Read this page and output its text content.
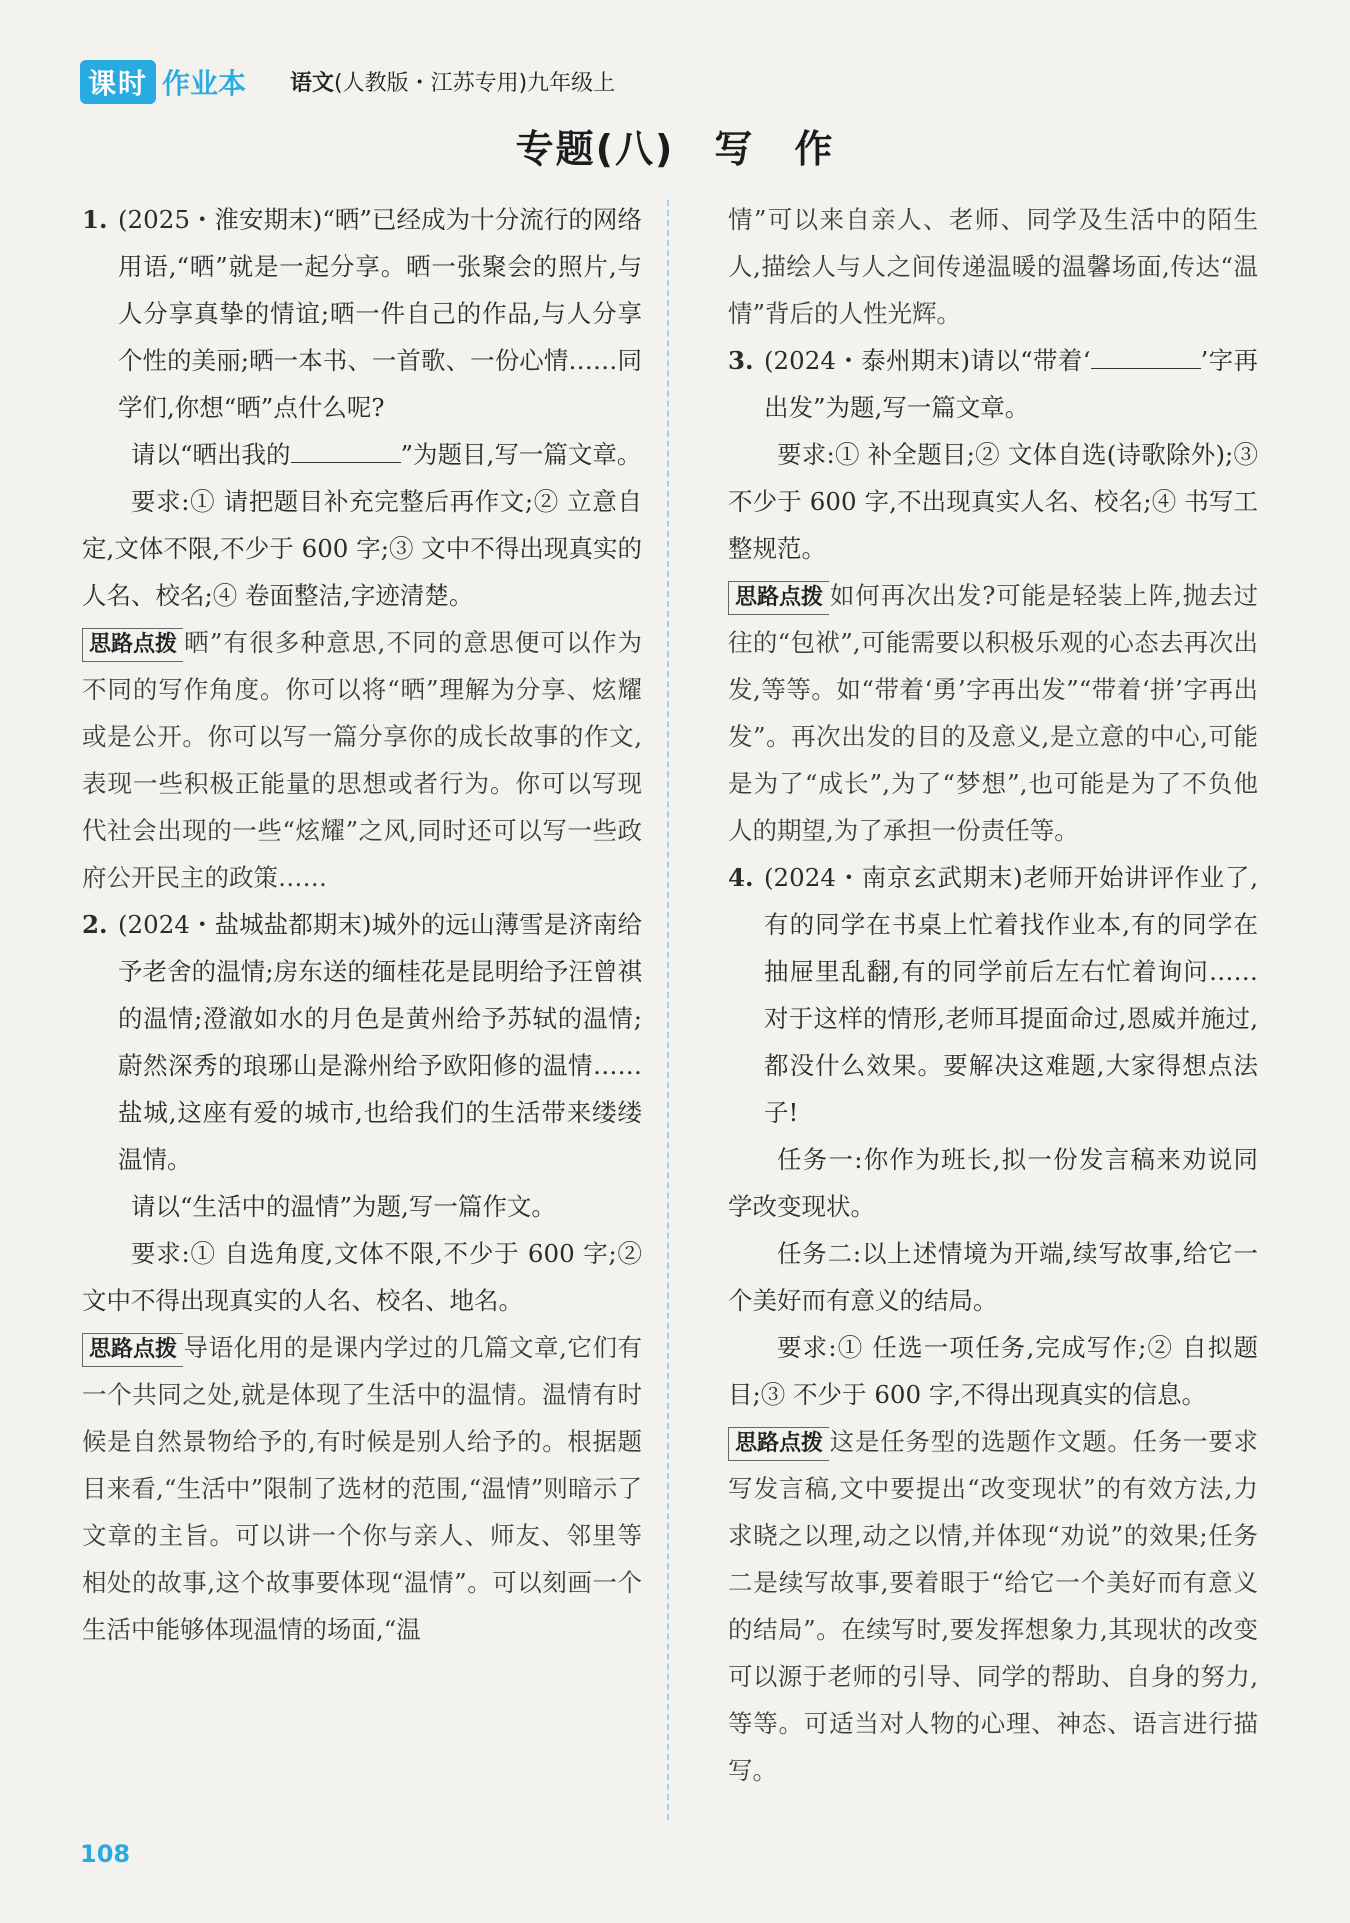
课时 作业本 语文(人教版・江苏专用)九年级上
专题(八)　写　作

1. (2025・淮安期末)“晒”已经成为十分流行的网络用语,“晒”就是一起分享。晒一张聚会的照片,与人分享真挚的情谊;晒一件自己的作品,与人分享个性的美丽;晒一本书、一首歌、一份心情……同学们,你想“晒”点什么呢?

请以“晒出我的	”为题目,写一篇文章。

要求:① 请把题目补充完整后再作文;② 立意自定,文体不限,不少于 600 字;③ 文中不得出现真实的人名、校名;④ 卷面整洁,字迹清楚。

思路点拨 晒”有很多种意思,不同的意思便可以作为不同的写作角度。你可以将“晒”理解为分享、炫耀或是公开。你可以写一篇分享你的成长故事的作文,表现一些积极正能量的思想或者行为。你可以写现代社会出现的一些“炫耀”之风,同时还可以写一些政府公开民主的政策……

2. (2024・盐城盐都期末)城外的远山薄雪是济南给予老舍的温情;房东送的缅桂花是昆明给予汪曾祺的温情;澄澈如水的月色是黄州给予苏轼的温情;蔚然深秀的琅琊山是滁州给予欧阳修的温情……盐城,这座有爱的城市,也给我们的生活带来缕缕温情。

请以“生活中的温情”为题,写一篇作文。

要求:① 自选角度,文体不限,不少于 600 字;② 文中不得出现真实的人名、校名、地名。

思路点拨 导语化用的是课内学过的几篇文章,它们有一个共同之处,就是体现了生活中的温情。温情有时候是自然景物给予的,有时候是别人给予的。根据题目来看,“生活中”限制了选材的范围,“温情”则暗示了文章的主旨。可以讲一个你与亲人、师友、邻里等相处的故事,这个故事要体现“温情”。可以刻画一个生活中能够体现温情的场面,“温

情”可以来自亲人、老师、同学及生活中的陌生人,描绘人与人之间传递温暖的温馨场面,传达“温情”背后的人性光辉。

3. (2024・泰州期末)请以“带着‘	’字再出发”为题,写一篇文章。

要求:① 补全题目;② 文体自选(诗歌除外);③ 不少于 600 字,不出现真实人名、校名;④ 书写工整规范。

思路点拨 如何再次出发?可能是轻装上阵,抛去过往的“包袱”,可能需要以积极乐观的心态去再次出发,等等。如“带着‘勇’字再出发”“带着‘拼’字再出发”。再次出发的目的及意义,是立意的中心,可能是为了“成长”,为了“梦想”,也可能是为了不负他人的期望,为了承担一份责任等。

4. (2024・南京玄武期末)老师开始讲评作业了,有的同学在书桌上忙着找作业本,有的同学在抽屉里乱翻,有的同学前后左右忙着询问……对于这样的情形,老师耳提面命过,恩威并施过,都没什么效果。要解决这难题,大家得想点法子!

任务一:你作为班长,拟一份发言稿来劝说同学改变现状。

任务二:以上述情境为开端,续写故事,给它一个美好而有意义的结局。

要求:① 任选一项任务,完成写作;② 自拟题目;③ 不少于 600 字,不得出现真实的信息。

思路点拨 这是任务型的选题作文题。任务一要求写发言稿,文中要提出“改变现状”的有效方法,力求晓之以理,动之以情,并体现“劝说”的效果;任务二是续写故事,要着眼于“给它一个美好而有意义的结局”。在续写时,要发挥想象力,其现状的改变可以源于老师的引导、同学的帮助、自身的努力,等等。可适当对人物的心理、神态、语言进行描写。

108
